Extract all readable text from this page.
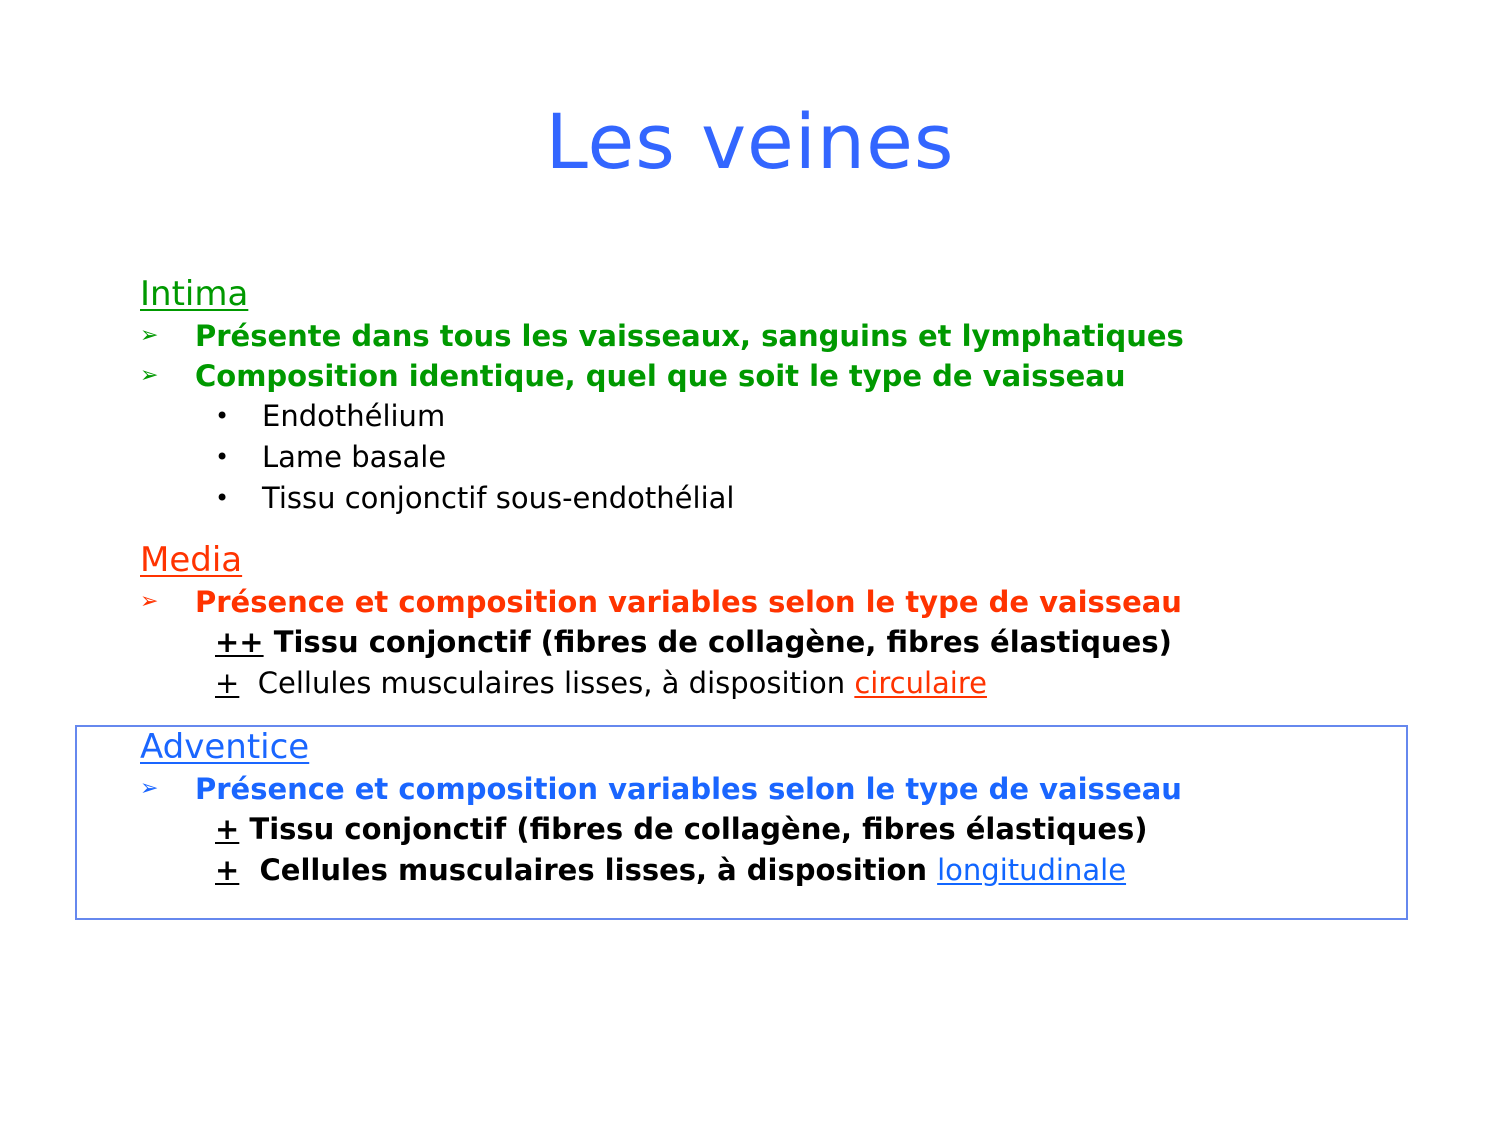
Les veines
Intima
➢	Présente dans tous les vaisseaux, sanguins et lymphatiques
➢	Composition identique, quel que soit le type de vaisseau
•	Endothélium
•	Lame basale
•	Tissu conjonctif sous-endothélial
Media
➢	Présence et composition variables selon le type de vaisseau
++ Tissu conjonctif (fibres de collagène, fibres élastiques)
+  Cellules musculaires lisses, à disposition circulaire
Adventice
➢	Présence et composition variables selon le type de vaisseau
+ Tissu conjonctif (fibres de collagène, fibres élastiques)
+  Cellules musculaires lisses, à disposition longitudinale
